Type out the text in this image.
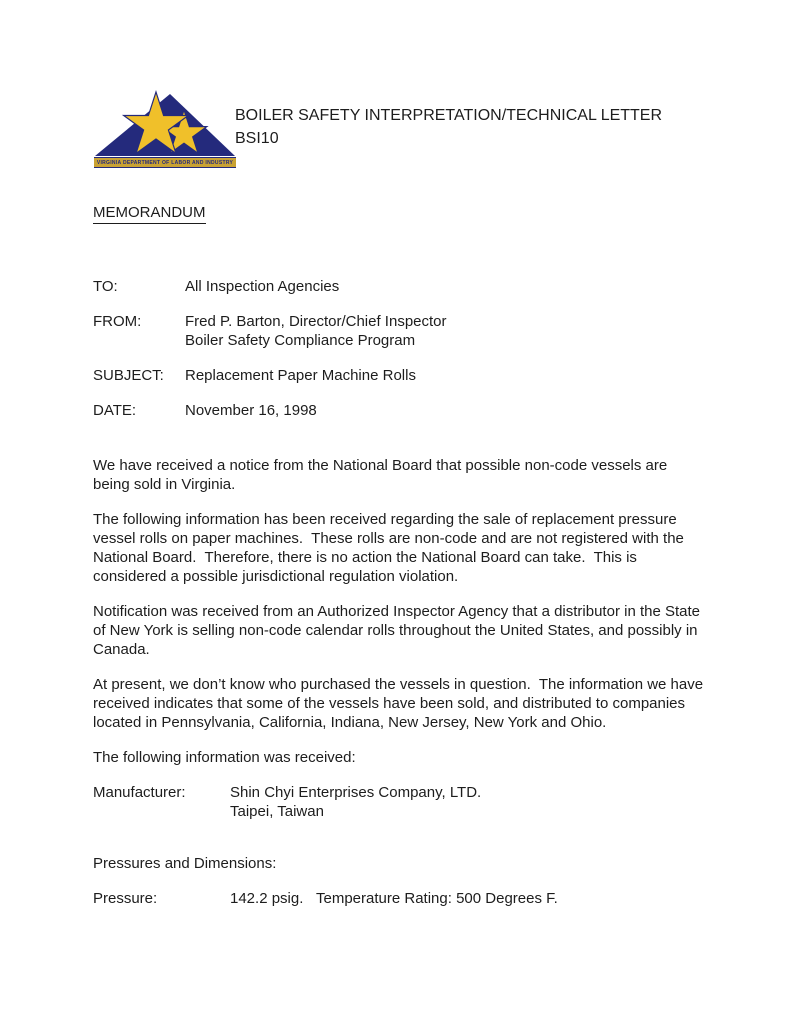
VIRGINIA DEPARTMENT OF LABOR AND INDUSTRY
BOILER SAFETY INTERPRETATION/TECHNICAL LETTER
BSI10
MEMORANDUM
TO:	All Inspection Agencies
FROM:	Fred P. Barton, Director/Chief Inspector
Boiler Safety Compliance Program
SUBJECT:	Replacement Paper Machine Rolls
DATE:	November 16, 1998

We have received a notice from the National Board that possible non-code vessels are being sold in Virginia.

The following information has been received regarding the sale of replacement pressure vessel rolls on paper machines.  These rolls are non-code and are not registered with the National Board.  Therefore, there is no action the National Board can take.  This is considered a possible jurisdictional regulation violation.

Notification was received from an Authorized Inspector Agency that a distributor in the State of New York is selling non-code calendar rolls throughout the United States, and possibly in Canada.

At present, we don’t know who purchased the vessels in question.  The information we have received indicates that some of the vessels have been sold, and distributed to companies located in Pennsylvania, California, Indiana, New Jersey, New York and Ohio.

The following information was received:

Manufacturer:	Shin Chyi Enterprises Company, LTD.
Taipei, Taiwan

Pressures and Dimensions:

Pressure:	142.2 psig. Temperature Rating: 500 Degrees F.
